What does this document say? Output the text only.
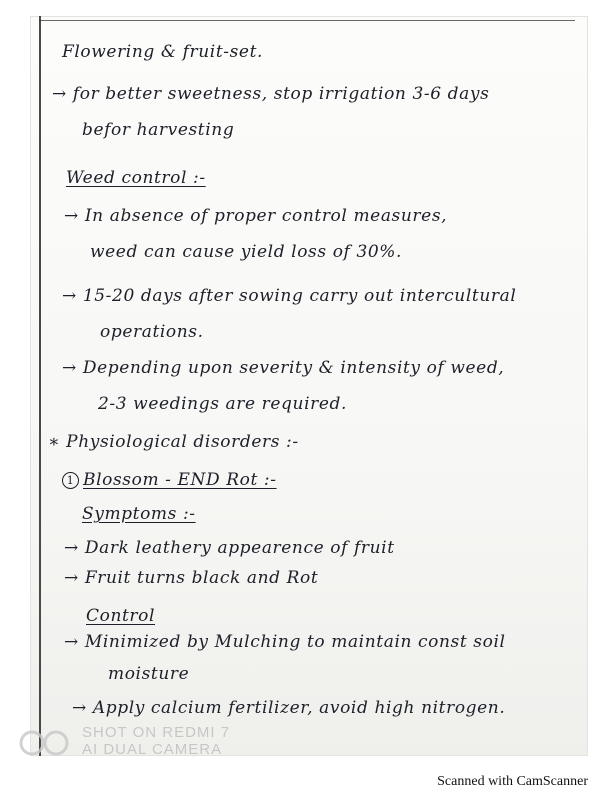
Flowering & fruit-set.

→ for better sweetness, stop irrigation 3-6 days

befor harvesting

Weed control :-

→ In absence of proper control measures,

weed can cause yield loss of 30%.

→ 15-20 days after sowing carry out intercultural

operations.

→ Depending upon severity & intensity of weed,

2-3 weedings are required.

∗ Physiological disorders :-

1 Blossom - END Rot :-

Symptoms :-

→ Dark leathery appearence of fruit

→ Fruit turns black and Rot

Control

→ Minimized by Mulching to maintain const soil

moisture

→ Apply calcium fertilizer, avoid high nitrogen.

SHOT ON REDMI 7
AI DUAL CAMERA

Scanned with CamScanner
